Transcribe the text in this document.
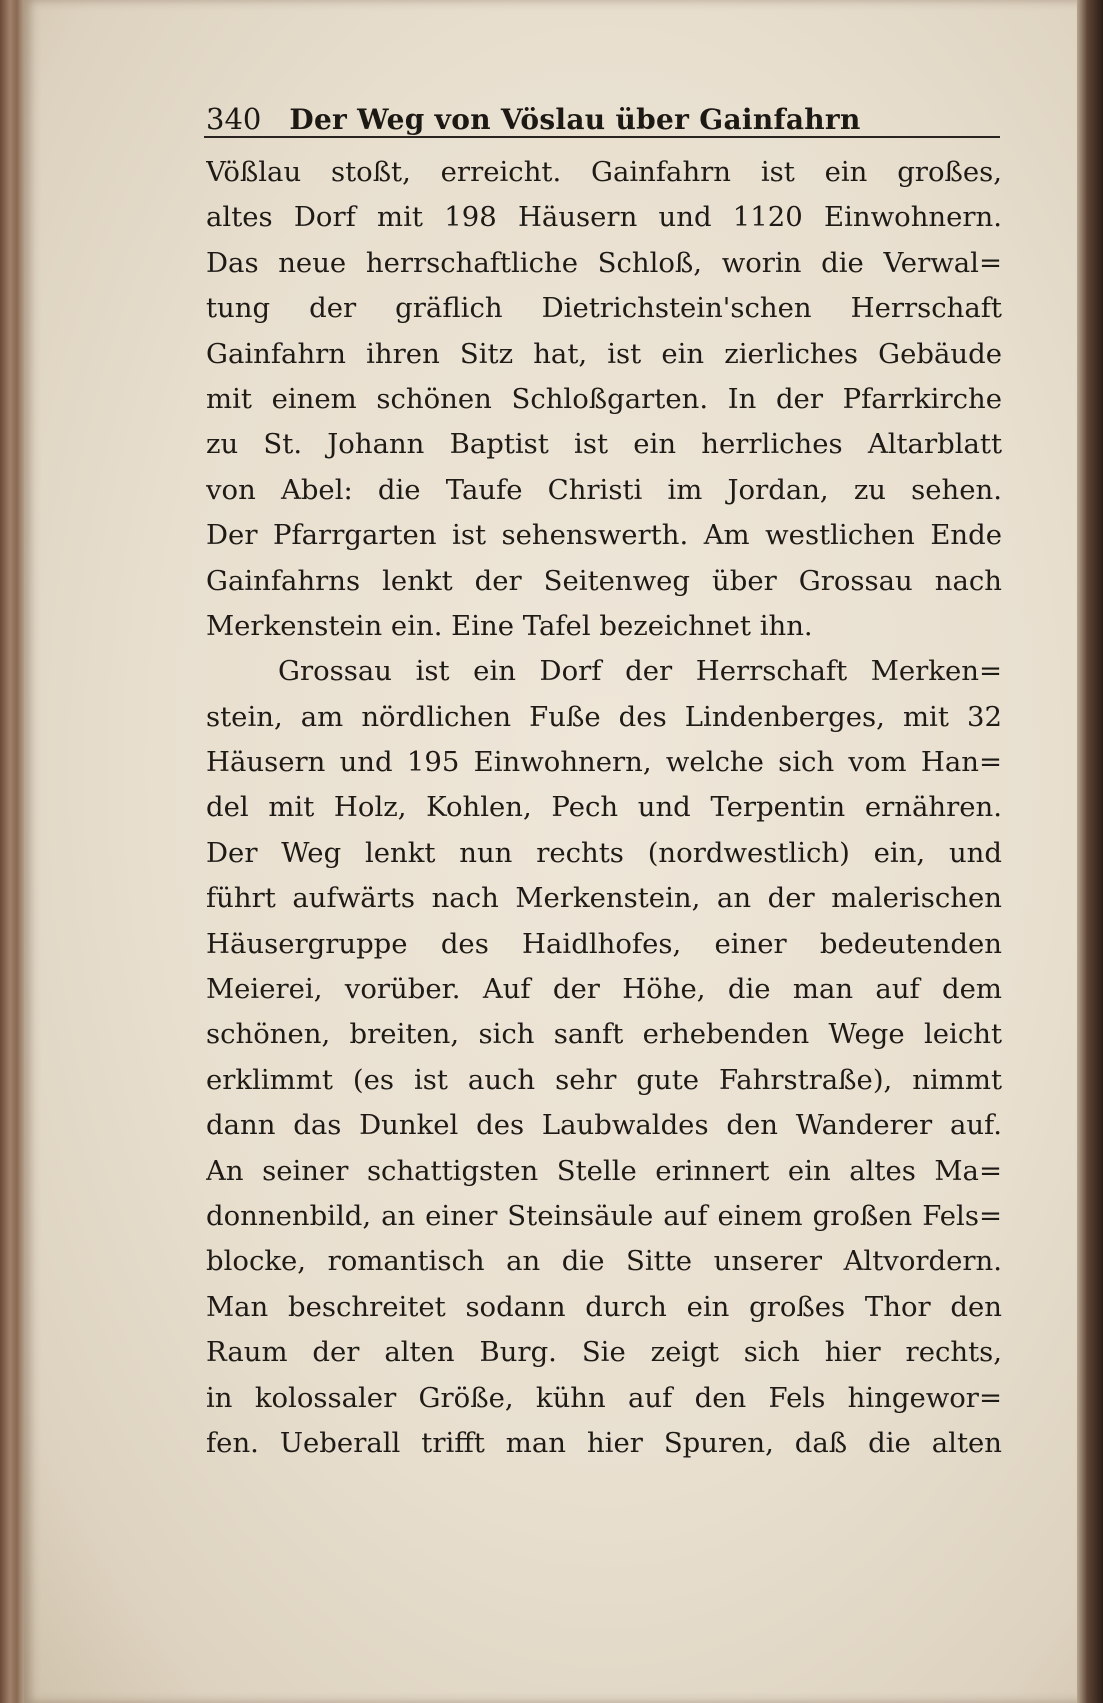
340 Der Weg von Vöslau über Gainfahrn
Vößlau stoßt, erreicht. Gainfahrn ist ein großes,
altes Dorf mit 198 Häusern und 1120 Einwohnern.
Das neue herrschaftliche Schloß, worin die Verwal=
tung der gräflich Dietrichstein'schen Herrschaft
Gainfahrn ihren Sitz hat, ist ein zierliches Gebäude
mit einem schönen Schloßgarten. In der Pfarrkirche
zu St. Johann Baptist ist ein herrliches Altarblatt
von Abel: die Taufe Christi im Jordan, zu sehen.
Der Pfarrgarten ist sehenswerth. Am westlichen Ende
Gainfahrns lenkt der Seitenweg über Grossau nach
Merkenstein ein. Eine Tafel bezeichnet ihn.
Grossau ist ein Dorf der Herrschaft Merken=
stein, am nördlichen Fuße des Lindenberges, mit 32
Häusern und 195 Einwohnern, welche sich vom Han=
del mit Holz, Kohlen, Pech und Terpentin ernähren.
Der Weg lenkt nun rechts (nordwestlich) ein, und
führt aufwärts nach Merkenstein, an der malerischen
Häusergruppe des Haidlhofes, einer bedeutenden
Meierei, vorüber. Auf der Höhe, die man auf dem
schönen, breiten, sich sanft erhebenden Wege leicht
erklimmt (es ist auch sehr gute Fahrstraße), nimmt
dann das Dunkel des Laubwaldes den Wanderer auf.
An seiner schattigsten Stelle erinnert ein altes Ma=
donnenbild, an einer Steinsäule auf einem großen Fels=
blocke, romantisch an die Sitte unserer Altvordern.
Man beschreitet sodann durch ein großes Thor den
Raum der alten Burg. Sie zeigt sich hier rechts,
in kolossaler Größe, kühn auf den Fels hingewor=
fen. Ueberall trifft man hier Spuren, daß die alten
